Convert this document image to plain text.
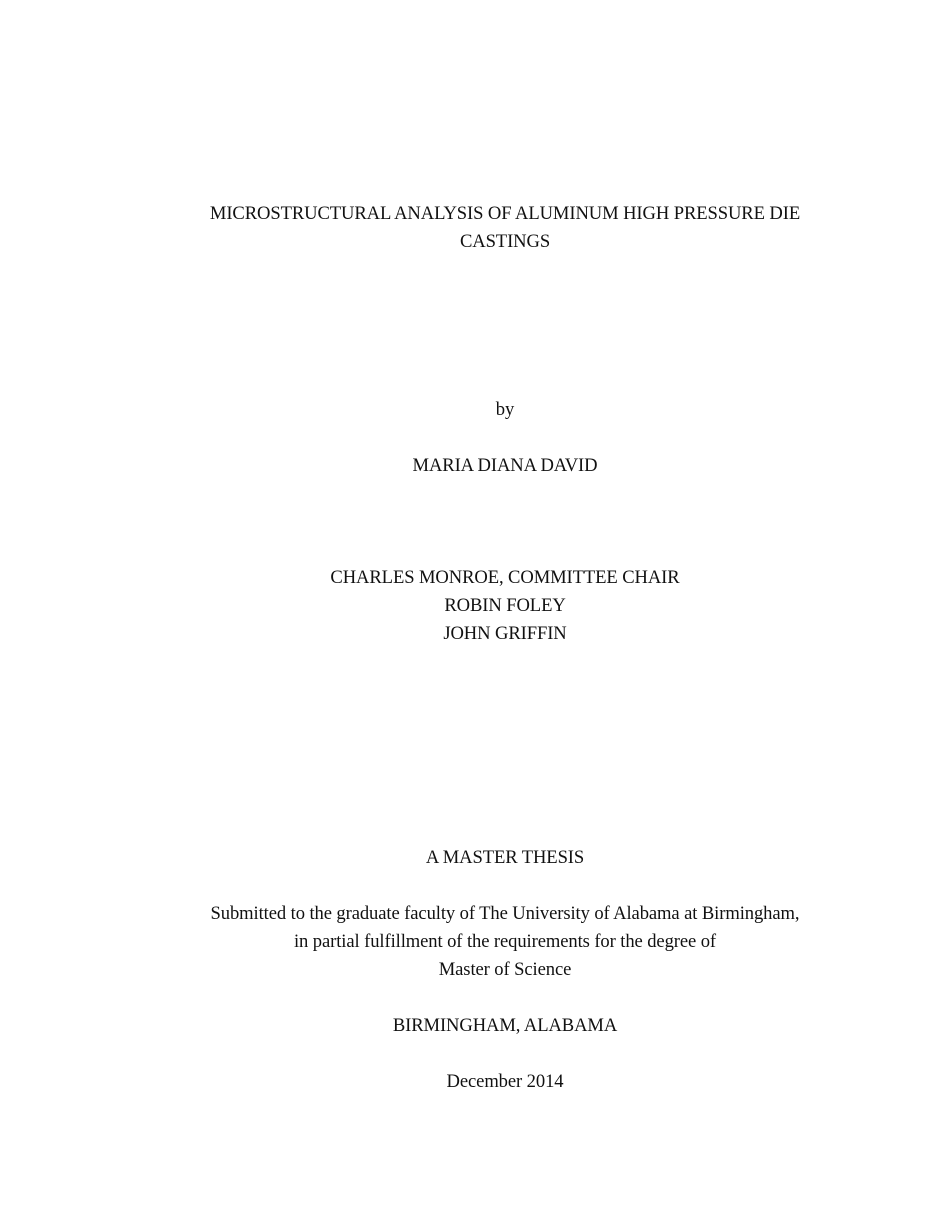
MICROSTRUCTURAL ANALYSIS OF ALUMINUM HIGH PRESSURE DIE
CASTINGS
by
MARIA DIANA DAVID
CHARLES MONROE, COMMITTEE CHAIR
ROBIN FOLEY
JOHN GRIFFIN
A MASTER THESIS
Submitted to the graduate faculty of The University of Alabama at Birmingham,
in partial fulfillment of the requirements for the degree of
Master of Science
BIRMINGHAM, ALABAMA
December 2014
